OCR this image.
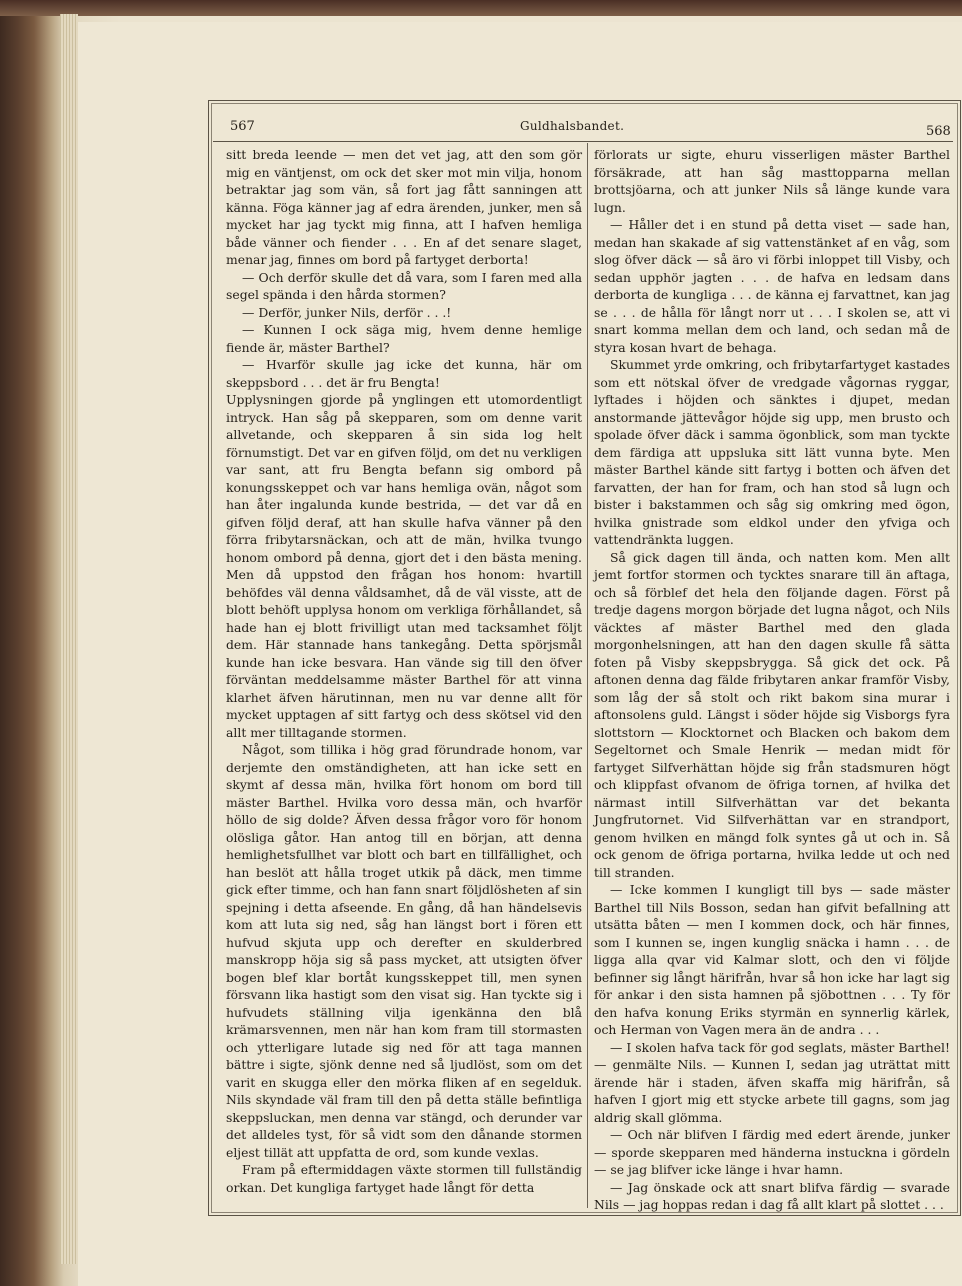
567	Guldhalsbandet.	568

sitt breda leende — men det vet jag, att den som gör mig en väntjenst, om ock det sker mot min vilja, honom betraktar jag som vän, så fort jag fått sanningen att känna. Föga känner jag af edra ärenden, junker, men så mycket har jag tyckt mig finna, att I hafven hemliga både vänner och fiender . . . En af det senare slaget, menar jag, finnes om bord på fartyget derborta!

— Och derför skulle det då vara, som I faren med alla segel spända i den hårda stormen?

— Derför, junker Nils, derför . . .!

— Kunnen I ock säga mig, hvem denne hemlige fiende är, mäster Barthel?

— Hvarför skulle jag icke det kunna, här om skeppsbord . . . det är fru Bengta!

Upplysningen gjorde på ynglingen ett utomordentligt intryck. Han såg på skepparen, som om denne varit allvetande, och skepparen å sin sida log helt förnumstigt. Det var en gifven följd, om det nu verkligen var sant, att fru Bengta befann sig ombord på konungsskeppet och var hans hemliga ovän, något som han åter ingalunda kunde bestrida, — det var då en gifven följd deraf, att han skulle hafva vänner på den förra fribytarsnäckan, och att de män, hvilka tvungo honom ombord på denna, gjort det i den bästa mening. Men då uppstod den frågan hos honom: hvartill behöfdes väl denna våldsamhet, då de väl visste, att de blott behöft upplysa honom om verkliga förhållandet, så hade han ej blott frivilligt utan med tacksamhet följt dem. Här stannade hans tankegång. Detta spörjsmål kunde han icke besvara. Han vände sig till den öfver förväntan meddelsamme mäster Barthel för att vinna klarhet äfven härutinnan, men nu var denne allt för mycket upptagen af sitt fartyg och dess skötsel vid den allt mer tilltagande stormen.

Något, som tillika i hög grad förundrade honom, var derjemte den omständigheten, att han icke sett en skymt af dessa män, hvilka fört honom om bord till mäster Barthel. Hvilka voro dessa män, och hvarför höllo de sig dolde? Äfven dessa frågor voro för honom olösliga gåtor. Han antog till en början, att denna hemlighetsfullhet var blott och bart en tillfällighet, och han beslöt att hålla troget utkik på däck, men timme gick efter timme, och han fann snart följdlösheten af sin spejning i detta afseende. En gång, då han händelsevis kom att luta sig ned, såg han längst bort i fören ett hufvud skjuta upp och derefter en skulderbred manskropp höja sig så pass mycket, att utsigten öfver bogen blef klar bortåt kungsskeppet till, men synen försvann lika hastigt som den visat sig. Han tyckte sig i hufvudets ställning vilja igenkänna den blå krämarsvennen, men när han kom fram till stormasten och ytterligare lutade sig ned för att taga mannen bättre i sigte, sjönk denne ned så ljudlöst, som om det varit en skugga eller den mörka fliken af en segelduk. Nils skyndade väl fram till den på detta ställe befintliga skeppsluckan, men denna var stängd, och derunder var det alldeles tyst, för så vidt som den dånande stormen eljest tillät att uppfatta de ord, som kunde vexlas.

Fram på eftermiddagen växte stormen till fullständig orkan. Det kungliga fartyget hade långt för detta

förlorats ur sigte, ehuru visserligen mäster Barthel försäkrade, att han såg masttopparna mellan brottsjöarna, och att junker Nils så länge kunde vara lugn.

— Håller det i en stund på detta viset — sade han, medan han skakade af sig vattenstänket af en våg, som slog öfver däck — så äro vi förbi inloppet till Visby, och sedan upphör jagten . . . de hafva en ledsam dans derborta de kungliga . . . de känna ej farvattnet, kan jag se . . . de hålla för långt norr ut . . . I skolen se, att vi snart komma mellan dem och land, och sedan må de styra kosan hvart de behaga.

Skummet yrde omkring, och fribytarfartyget kastades som ett nötskal öfver de vredgade vågornas ryggar, lyftades i höjden och sänktes i djupet, medan anstormande jättevågor höjde sig upp, men brusto och spolade öfver däck i samma ögonblick, som man tyckte dem färdiga att uppsluka sitt lätt vunna byte. Men mäster Barthel kände sitt fartyg i botten och äfven det farvatten, der han for fram, och han stod så lugn och bister i bakstammen och såg sig omkring med ögon, hvilka gnistrade som eldkol under den yfviga och vattendränkta luggen.

Så gick dagen till ända, och natten kom. Men allt jemt fortfor stormen och tycktes snarare till än aftaga, och så förblef det hela den följande dagen. Först på tredje dagens morgon började det lugna något, och Nils väcktes af mäster Barthel med den glada morgonhelsningen, att han den dagen skulle få sätta foten på Visby skeppsbrygga. Så gick det ock. På aftonen denna dag fälde fribytaren ankar framför Visby, som låg der så stolt och rikt bakom sina murar i aftonsolens guld. Längst i söder höjde sig Visborgs fyra slottstorn — Klocktornet och Blacken och bakom dem Segeltornet och Smale Henrik — medan midt för fartyget Silfverhättan höjde sig från stadsmuren högt och klippfast ofvanom de öfriga tornen, af hvilka det närmast intill Silfverhättan var det bekanta Jungfrutornet. Vid Silfverhättan var en strandport, genom hvilken en mängd folk syntes gå ut och in. Så ock genom de öfriga portarna, hvilka ledde ut och ned till stranden.

— Icke kommen I kungligt till bys — sade mäster Barthel till Nils Bosson, sedan han gifvit befallning att utsätta båten — men I kommen dock, och här finnes, som I kunnen se, ingen kunglig snäcka i hamn . . . de ligga alla qvar vid Kalmar slott, och den vi följde befinner sig långt härifrån, hvar så hon icke har lagt sig för ankar i den sista hamnen på sjöbottnen . . . Ty för den hafva konung Eriks styrmän en synnerlig kärlek, och Herman von Vagen mera än de andra . . .

— I skolen hafva tack för god seglats, mäster Barthel! — genmälte Nils. — Kunnen I, sedan jag uträttat mitt ärende här i staden, äfven skaffa mig härifrån, så hafven I gjort mig ett stycke arbete till gagns, som jag aldrig skall glömma.

— Och när blifven I färdig med edert ärende, junker — sporde skepparen med händerna instuckna i gördeln — se jag blifver icke länge i hvar hamn.

— Jag önskade ock att snart blifva färdig — svarade Nils — jag hoppas redan i dag få allt klart på slottet . . .
